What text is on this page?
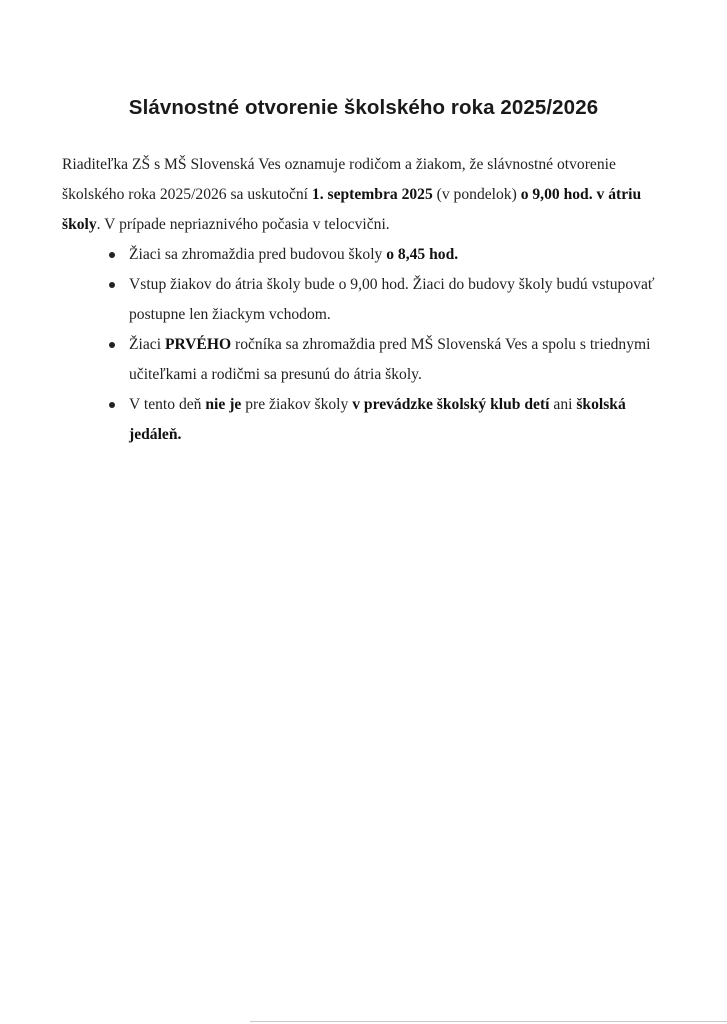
Slávnostné otvorenie školského roka 2025/2026

Riaditeľka ZŠ s MŠ Slovenská Ves oznamuje rodičom a žiakom, že slávnostné otvorenie školského roka 2025/2026 sa uskutoční 1. septembra 2025 (v pondelok) o 9,00 hod. v átriu školy. V prípade nepriaznivého počasia v telocvični.

Žiaci sa zhromaždia pred budovou školy o 8,45 hod.
Vstup žiakov do átria školy bude o 9,00 hod. Žiaci do budovy školy budú vstupovať postupne len žiackym vchodom.
Žiaci PRVÉHO ročníka sa zhromaždia pred MŠ Slovenská Ves a spolu s triednymi učiteľkami a rodičmi sa presunú do átria školy.
V tento deň nie je pre žiakov školy v prevádzke školský klub detí ani školská jedáleň.
